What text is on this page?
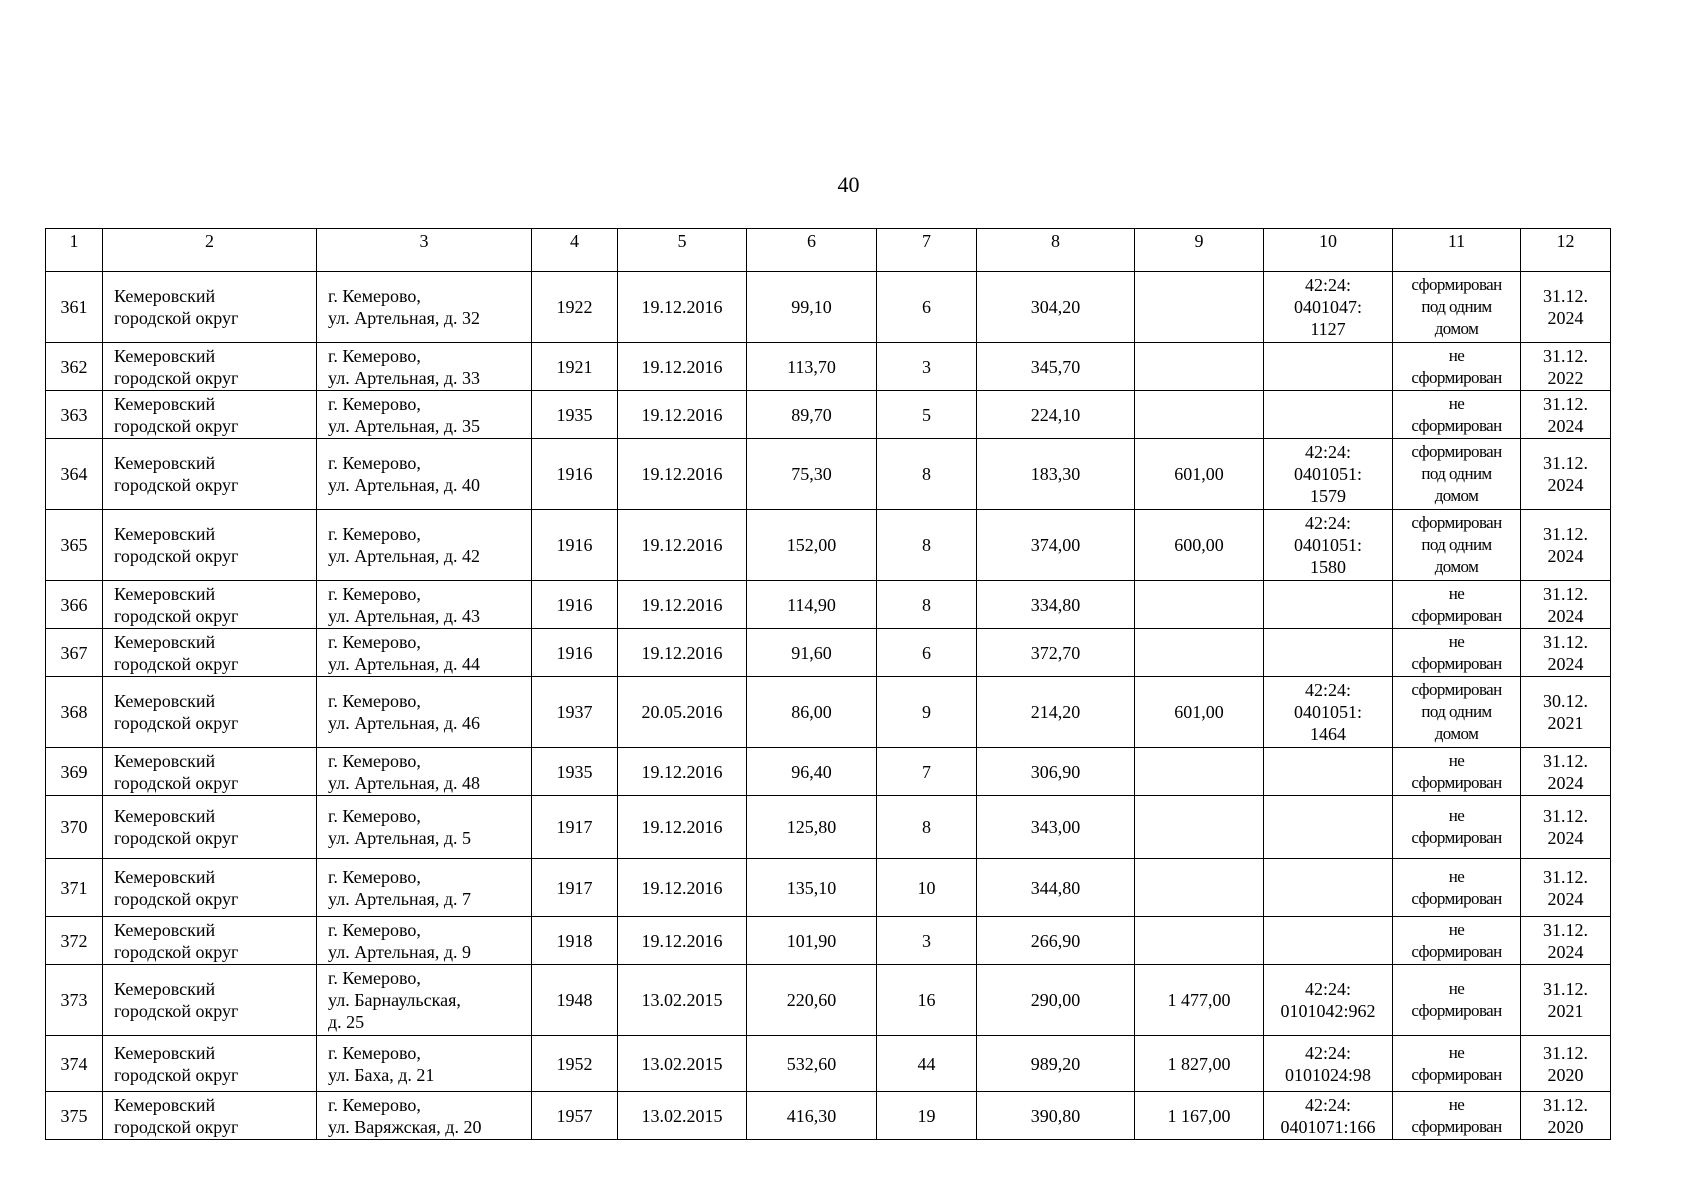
40
1	2	3	4	5	6	7	8	9	10	11	12
361	Кемеровский
городской округ	г. Кемерово,
ул. Артельная, д. 32	1922	19.12.2016	99,10	6	304,20		42:24:
0401047:
1127	сформирован
под одним
домом	31.12.
2024

362	Кемеровский
городской округ	г. Кемерово,
ул. Артельная, д. 33	1921	19.12.2016	113,70	3	345,70			не
сформирован	31.12.
2022

363	Кемеровский
городской округ	г. Кемерово,
ул. Артельная, д. 35	1935	19.12.2016	89,70	5	224,10			не
сформирован	31.12.
2024

364	Кемеровский
городской округ	г. Кемерово,
ул. Артельная, д. 40	1916	19.12.2016	75,30	8	183,30	601,00	42:24:
0401051:
1579	сформирован
под одним
домом	31.12.
2024

365	Кемеровский
городской округ	г. Кемерово,
ул. Артельная, д. 42	1916	19.12.2016	152,00	8	374,00	600,00	42:24:
0401051:
1580	сформирован
под одним
домом	31.12.
2024

366	Кемеровский
городской округ	г. Кемерово,
ул. Артельная, д. 43	1916	19.12.2016	114,90	8	334,80			не
сформирован	31.12.
2024

367	Кемеровский
городской округ	г. Кемерово,
ул. Артельная, д. 44	1916	19.12.2016	91,60	6	372,70			не
сформирован	31.12.
2024

368	Кемеровский
городской округ	г. Кемерово,
ул. Артельная, д. 46	1937	20.05.2016	86,00	9	214,20	601,00	42:24:
0401051:
1464	сформирован
под одним
домом	30.12.
2021

369	Кемеровский
городской округ	г. Кемерово,
ул. Артельная, д. 48	1935	19.12.2016	96,40	7	306,90			не
сформирован	31.12.
2024

370	Кемеровский
городской округ	г. Кемерово,
ул. Артельная, д. 5	1917	19.12.2016	125,80	8	343,00			не
сформирован	31.12.
2024

371	Кемеровский
городской округ	г. Кемерово,
ул. Артельная, д. 7	1917	19.12.2016	135,10	10	344,80			не
сформирован	31.12.
2024

372	Кемеровский
городской округ	г. Кемерово,
ул. Артельная, д. 9	1918	19.12.2016	101,90	3	266,90			не
сформирован	31.12.
2024

373	Кемеровский
городской округ	г. Кемерово,
ул. Барнаульская,
д. 25	1948	13.02.2015	220,60	16	290,00	1 477,00	42:24:
0101042:962	не
сформирован	31.12.
2021

374	Кемеровский
городской округ	г. Кемерово,
ул. Баха, д. 21	1952	13.02.2015	532,60	44	989,20	1 827,00	42:24:
0101024:98	не
сформирован	31.12.
2020

375	Кемеровский
городской округ	г. Кемерово,
ул. Варяжская, д. 20	1957	13.02.2015	416,30	19	390,80	1 167,00	42:24:
0401071:166	не
сформирован	31.12.
2020
